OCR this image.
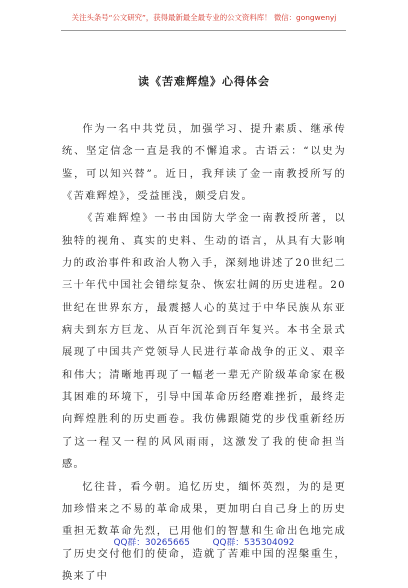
关注头条号“公文研究”，获得最新最全最专业的公文资料库！ 微信：gongwenyj
读《苦难辉煌》心得体会

作为一名中共党员，加强学习、提升素质、继承传统、坚定信念一直是我的不懈追求。古语云：“以史为鉴，可以知兴替”。近日，我拜读了金一南教授所写的《苦难辉煌》，受益匪浅，颇受启发。

《苦难辉煌》一书由国防大学金一南教授所著，以独特的视角、真实的史料、生动的语言，从具有大影响力的政治事件和政治人物入手，深刻地讲述了20世纪二三十年代中国社会错综复杂、恢宏壮阔的历史进程。20世纪在世界东方，最震撼人心的莫过于中华民族从东亚病夫到东方巨龙、从百年沉沦到百年复兴。本书全景式展现了中国共产党领导人民进行革命战争的正义、艰辛和伟大；清晰地再现了一幅老一辈无产阶级革命家在极其困难的环境下，引导中国革命历经磨难挫折，最终走向辉煌胜利的历史画卷。我仿佛跟随党的步伐重新经历了这一程又一程的风风雨雨，这激发了我的使命担当感。

忆往昔，看今朝。追忆历史，缅怀英烈，为的是更加珍惜来之不易的革命成果，更加明白自己身上的历史重担无数革命先烈，已用他们的智慧和生命出色地完成了历史交付他们的使命，造就了苦难中国的涅槃重生，换来了中

QQ群：30265665	QQ群：535304092
